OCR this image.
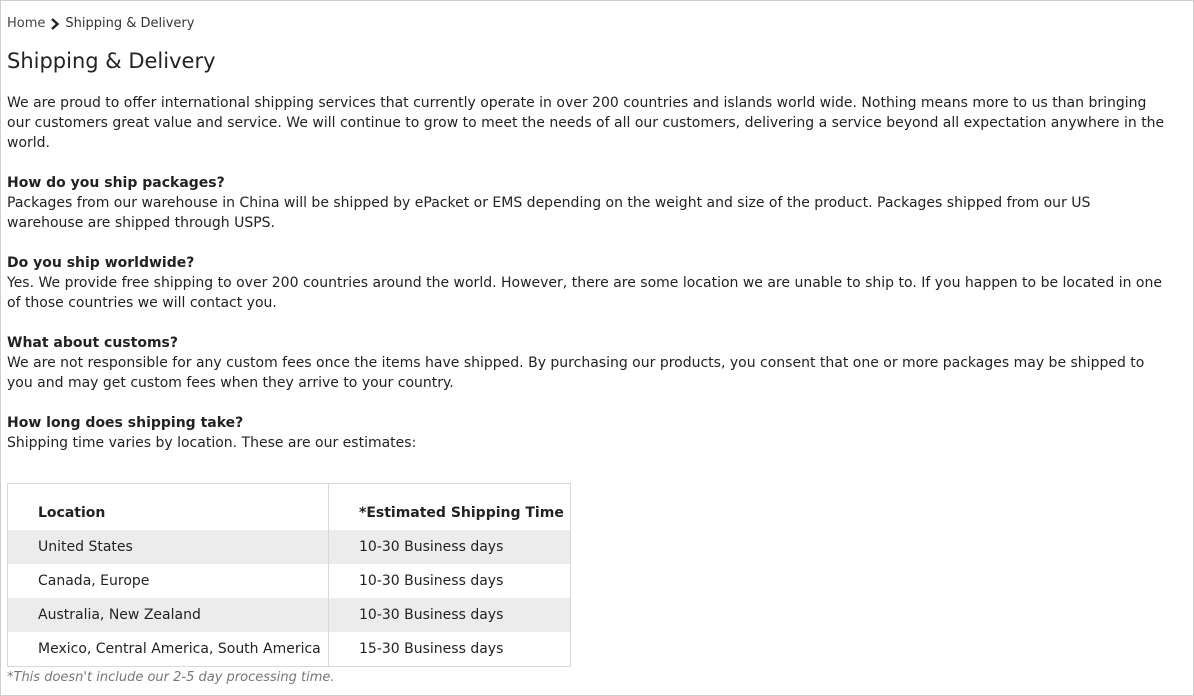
Home Shipping & Delivery
Shipping & Delivery

We are proud to offer international shipping services that currently operate in over 200 countries and islands world wide. Nothing means more to us than bringing our customers great value and service. We will continue to grow to meet the needs of all our customers, delivering a service beyond all expectation anywhere in the world.

How do you ship packages?

Packages from our warehouse in China will be shipped by ePacket or EMS depending on the weight and size of the product. Packages shipped from our US warehouse are shipped through USPS.

Do you ship worldwide?

Yes. We provide free shipping to over 200 countries around the world. However, there are some location we are unable to ship to. If you happen to be located in one of those countries we will contact you.

What about customs?

We are not responsible for any custom fees once the items have shipped. By purchasing our products, you consent that one or more packages may be shipped to you and may get custom fees when they arrive to your country.

How long does shipping take?

Shipping time varies by location. These are our estimates:

Location	*Estimated Shipping Time
United States	10-30 Business days
Canada, Europe	10-30 Business days
Australia, New Zealand	10-30 Business days
Mexico, Central America, South America	15-30 Business days
*This doesn't include our 2-5 day processing time.
